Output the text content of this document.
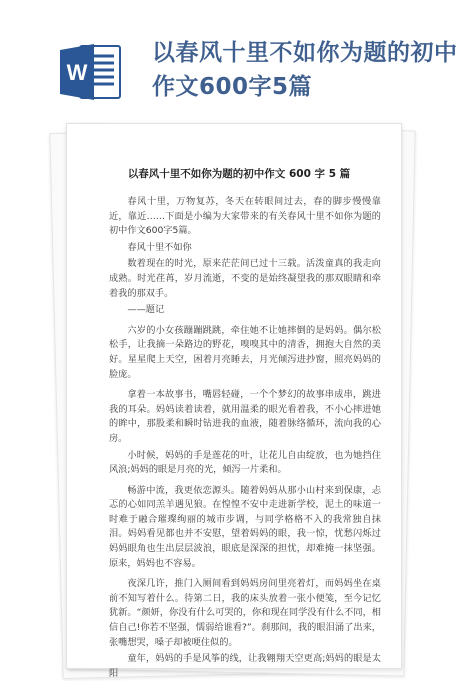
W
以春风十里不如你为题的初中作文600字5篇
以春风十里不如你为题的初中作文 600 字 5 篇

春风十里，万物复苏，冬天在转眼间过去，春的脚步慢慢靠近，靠近……下面是小编为大家带来的有关春风十里不如你为题的初中作文600字5篇。

春风十里不如你

数着现在的时光，原来茫茫间已过十三载。活泼童真的我走向成熟。时光荏苒，岁月流逝，不变的是始终凝望我的那双眼睛和牵着我的那双手。

——题记

六岁的小女孩蹦蹦跳跳，牵住她不让她摔倒的是妈妈。偶尔松松手，让我摘一朵路边的野花，嗅嗅其中的清香，拥抱大自然的美好。星星爬上天空，困着月亮睡去，月光倾泻进抄窗，照亮妈妈的脸庞。

拿着一本故事书，嘴唇轻碰，一个个梦幻的故事串成串，跳进我的耳朵。妈妈读着读着，就用温柔的眼光看着我，不小心摔进她的眸中，那股柔和瞬时钻进我的血液，随着脉络循环，流向我的心房。

小时候，妈妈的手是莲花的叶，让花儿自由绽放，也为她挡住风浪;妈妈的眼是月亮的光，倾泻一片柔和。

畅游中流，我更依恋源头。随着妈妈从那小山村来到保康，忐忑的心如同羔羊遇见狼。在惶惶不安中走进新学校，泥土的味道一时难于融合璀璨绚丽的城市步调，与同学格格不入的我常独自抹泪。妈妈看见都也并不安慰，望着妈妈的眼，我一惊，忧愁闪烁过妈妈眼角也生出层层波浪，眼底是深深的担忧，却难掩一抹坚强。原来，妈妈也不容易。

夜深几许，推门入厕间看到妈妈房间里亮着灯，而妈妈坐在桌前不知写着什么。待第二日，我的床头放着一张小便笺，至今记忆犹新。“颜妍，你没有什么可哭的，你和现在同学没有什么不同，相信自己!你若不坚强，懦弱给谁看?”。刹那间，我的眼泪涌了出来，张嘴想哭，嗓子却被哽住似的。

童年，妈妈的手是风筝的线，让我翱翔天空更高;妈妈的眼是太阳
